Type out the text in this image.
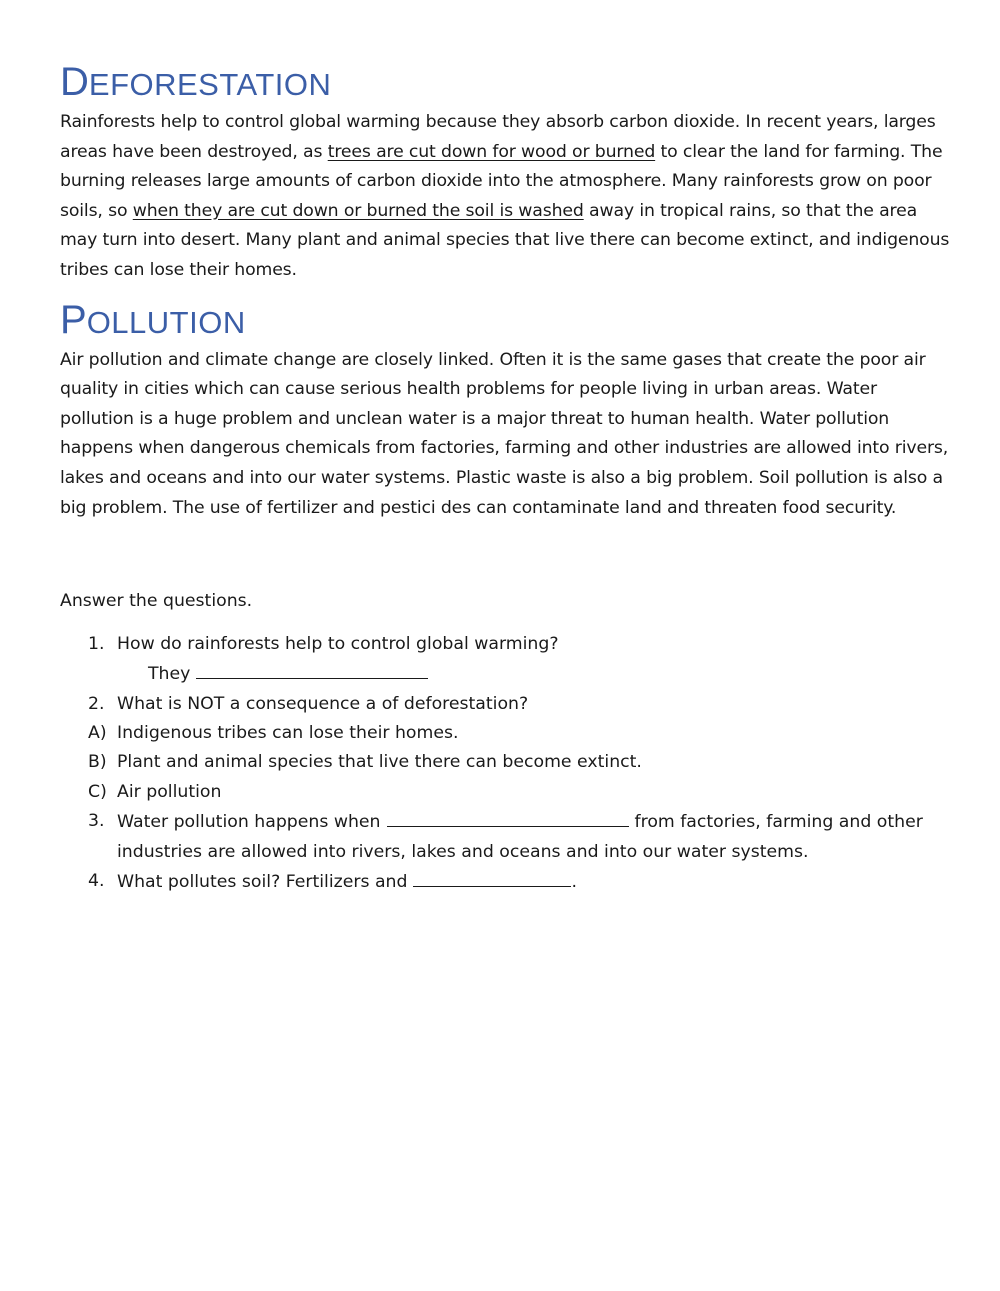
DEFORESTATION

Rainforests help to control global warming because they absorb carbon dioxide. In recent years, larges areas have been destroyed, as trees are cut down for wood or burned to clear the land for farming. The burning releases large amounts of carbon dioxide into the atmosphere. Many rainforests grow on poor soils, so when they are cut down or burned the soil is washed away in tropical rains, so that the area may turn into desert. Many plant and animal species that live there can become extinct, and indigenous tribes can lose their homes.

POLLUTION

Air pollution and climate change are closely linked. Often it is the same gases that create the poor air quality in cities which can cause serious health problems for people living in urban areas. Water pollution is a huge problem and unclean water is a major threat to human health. Water pollution happens when dangerous chemicals from factories, farming and other industries are allowed into rivers, lakes and oceans and into our water systems. Plastic waste is also a big problem. Soil pollution is also a big problem. The use of fertilizer and pestici des can contaminate land and threaten food security.

Answer the questions.

1. How do rainforests help to control global warming?
They
2. What is NOT a consequence a of deforestation?
A) Indigenous tribes can lose their homes.
B) Plant and animal species that live there can become extinct.
C) Air pollution
3. Water pollution happens when	from factories, farming and other industries are allowed into rivers, lakes and oceans and into our water systems.
4. What pollutes soil? Fertilizers and	.
